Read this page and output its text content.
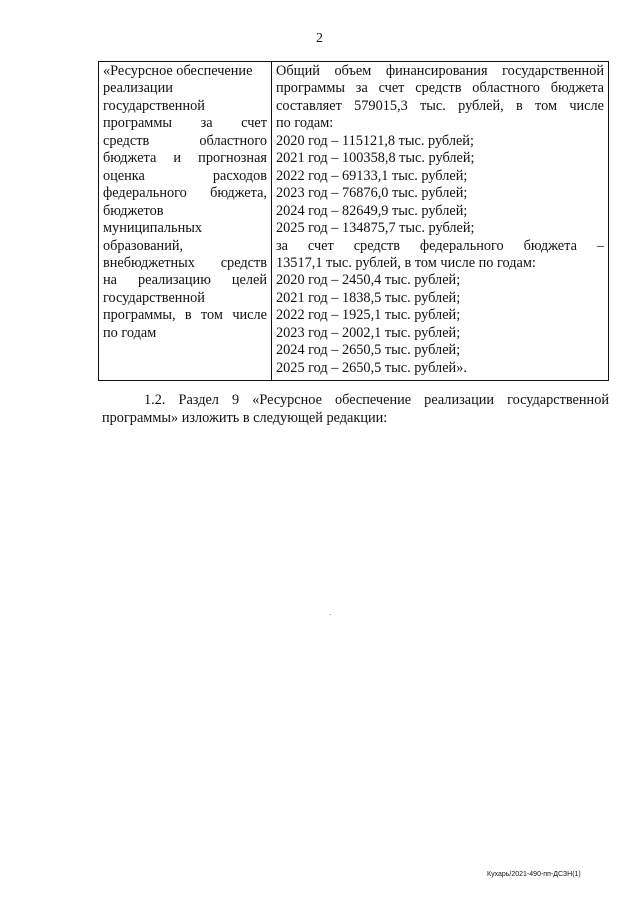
2
«Ресурсное обеспечение
реализации
государственной
программы за счет
средств областного
бюджета и прогнозная
оценка расходов
федерального бюджета,
бюджетов
муниципальных
образований,
внебюджетных средств
на реализацию целей
государственной
программы, в том числе
по годам

Общий объем финансирования государственной
программы за счет средств областного бюджета
составляет 579015,3 тыс. рублей, в том числе
по годам:
2020 год – 115121,8 тыс. рублей;
2021 год – 100358,8 тыс. рублей;
2022 год – 69133,1 тыс. рублей;
2023 год – 76876,0 тыс. рублей;
2024 год – 82649,9 тыс. рублей;
2025 год – 134875,7 тыс. рублей;
за счет средств федерального бюджета –
13517,1 тыс. рублей, в том числе по годам:
2020 год – 2450,4 тыс. рублей;
2021 год – 1838,5 тыс. рублей;
2022 год – 1925,1 тыс. рублей;
2023 год – 2002,1 тыс. рублей;
2024 год – 2650,5 тыс. рублей;
2025 год – 2650,5 тыс. рублей».

1.2. Раздел 9 «Ресурсное обеспечение реализации государственной программы» изложить в следующей редакции:

Кухарь/2021-490-пп-ДСЗН(1)
